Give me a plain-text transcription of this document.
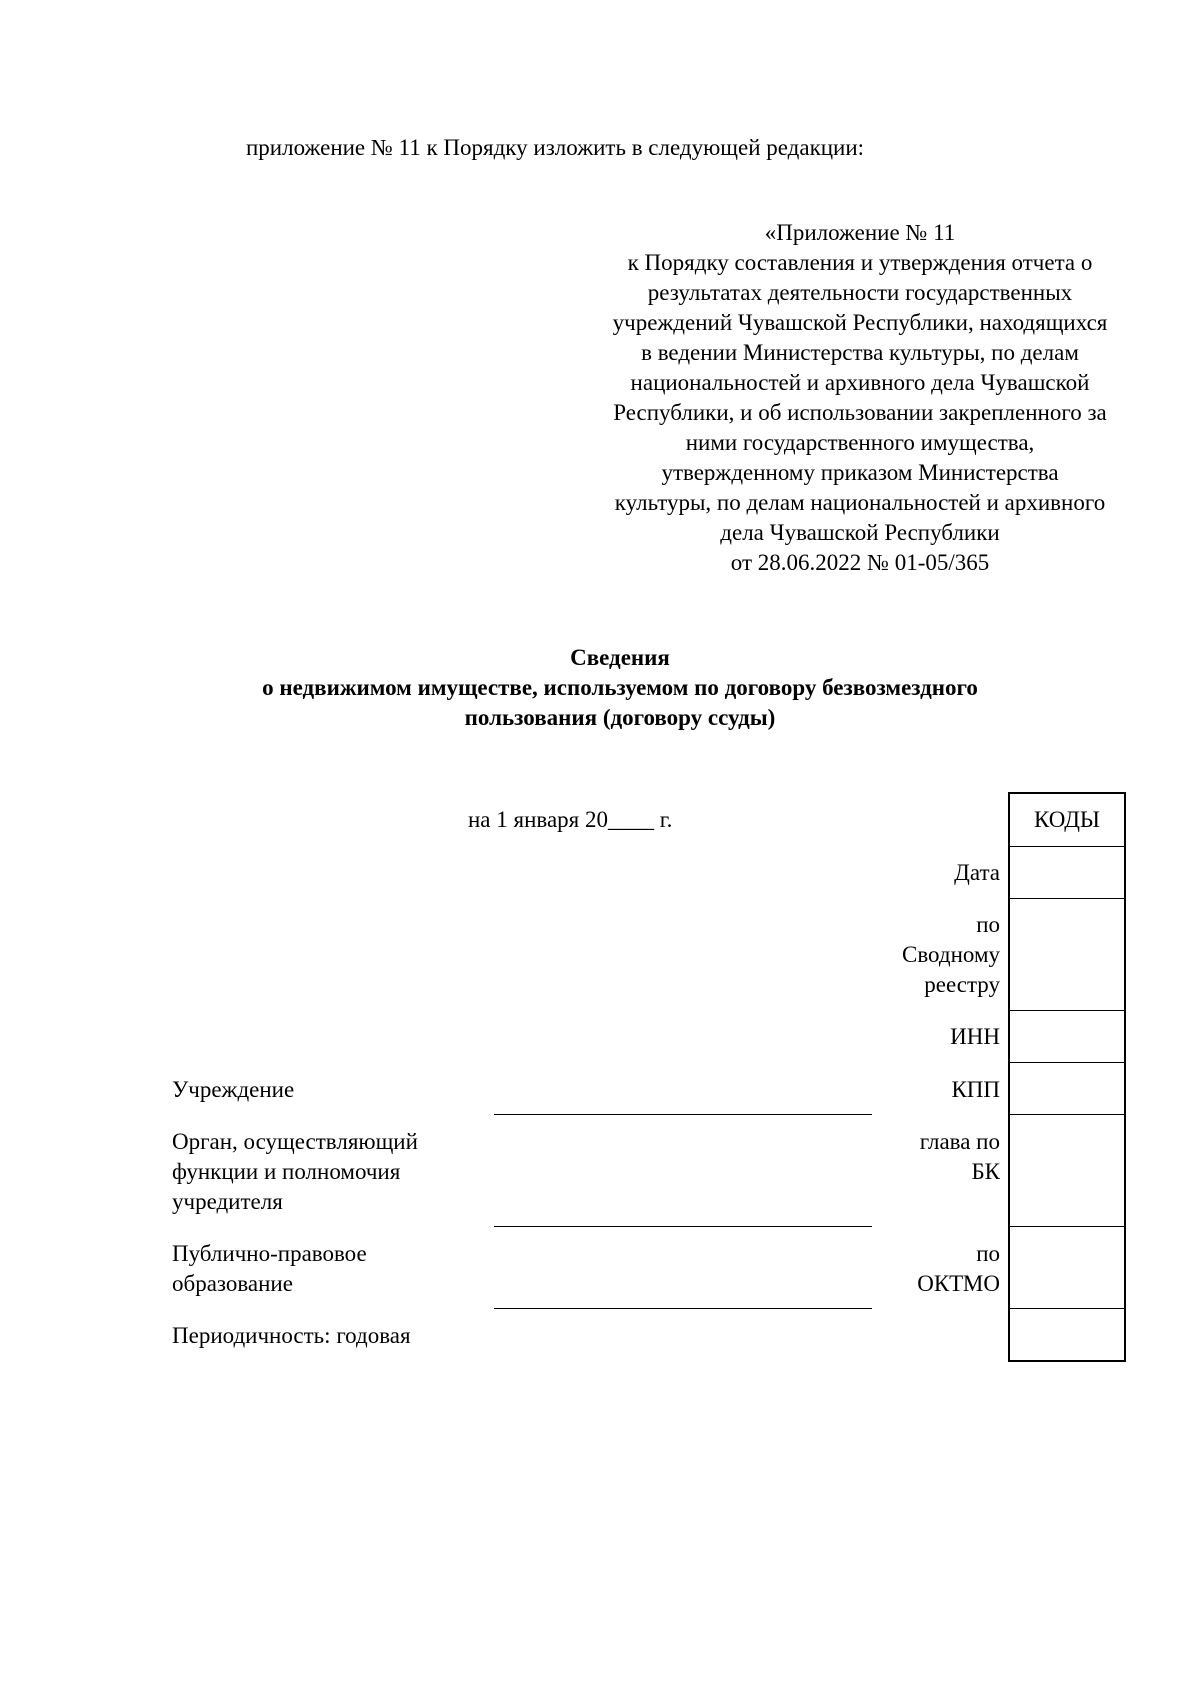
приложение № 11 к Порядку изложить в следующей редакции:
«Приложение № 11
к Порядку составления и утверждения отчета о
результатах деятельности государственных
учреждений Чувашской Республики, находящихся
в ведении Министерства культуры, по делам
национальностей и архивного дела Чувашской
Республики, и об использовании закрепленного за
ними государственного имущества,
утвержденному приказом Министерства
культуры, по делам национальностей и архивного
дела Чувашской Республики
от 28.06.2022 № 01-05/365
Сведения
о недвижимом имуществе, используемом по договору безвозмездного
пользования (договору ссуды)
на 1 января 20____ г.	КОДЫ
Дата
по
Сводному
реестру
ИНН
КПП
глава по
БК
по
ОКТМО
Учреждение
Орган, осуществляющий
функции и полномочия
учредителя
Публично-правовое
образование
Периодичность: годовая
